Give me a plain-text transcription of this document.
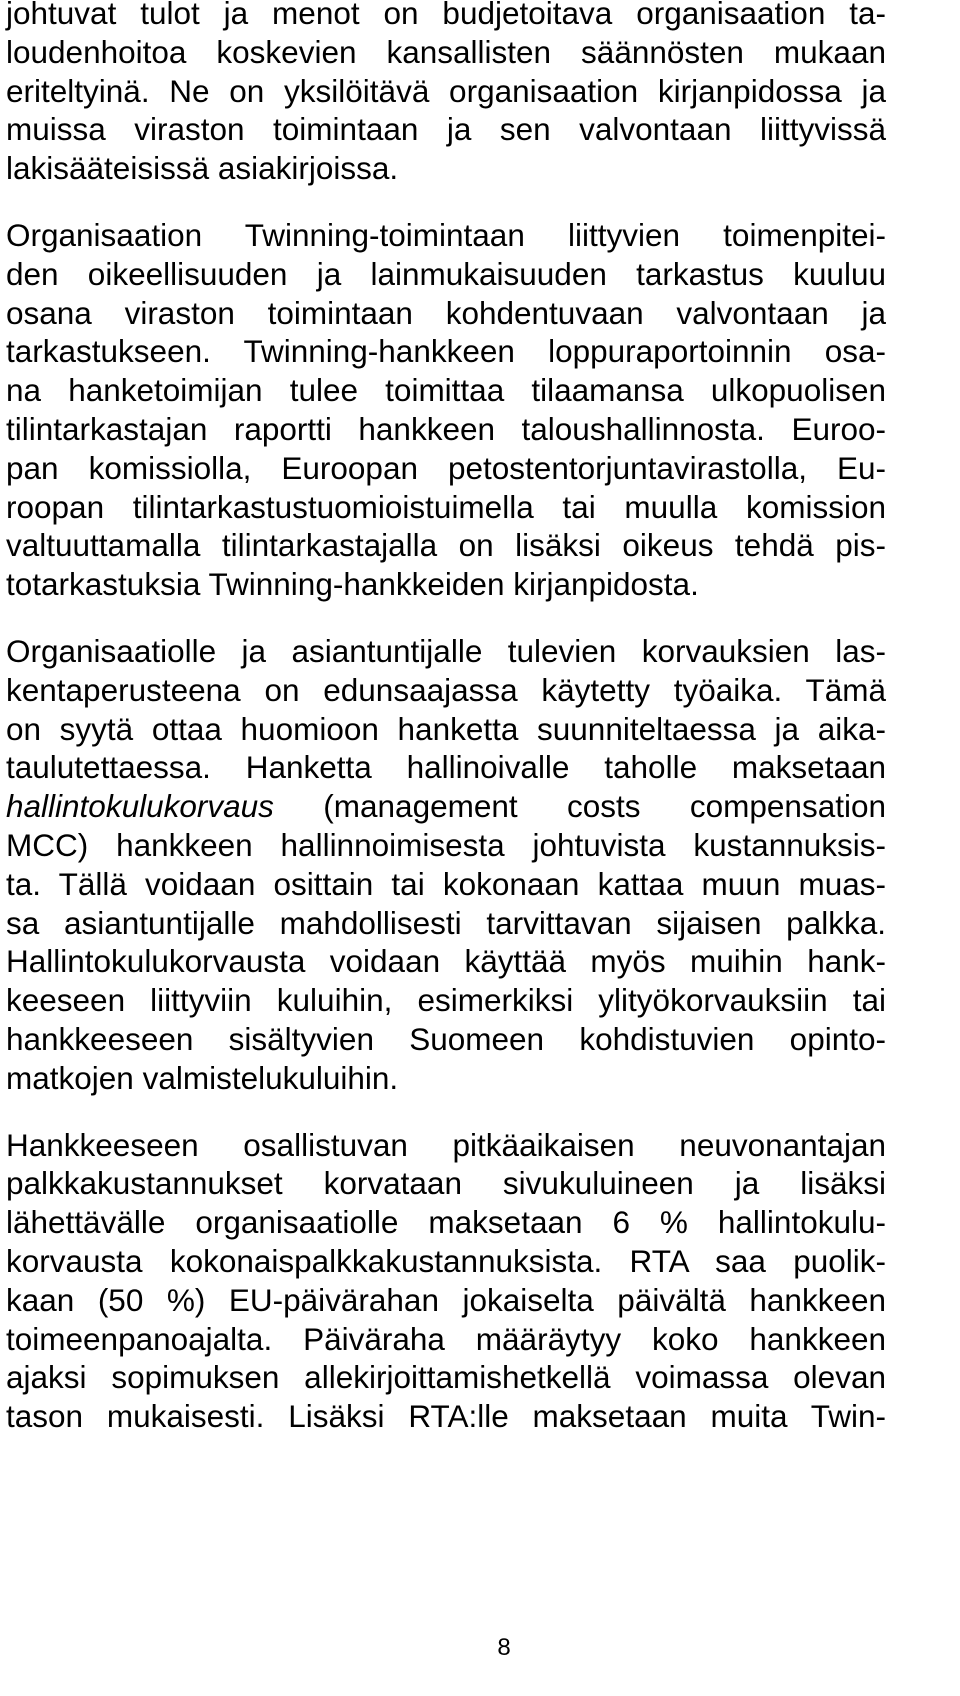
johtuvat tulot ja menot on budjetoitava organisaation ta-
loudenhoitoa koskevien kansallisten säännösten mukaan
eriteltyinä. Ne on yksilöitävä organisaation kirjanpidossa ja
muissa viraston toimintaan ja sen valvontaan liittyvissä
lakisääteisissä asiakirjoissa.
Organisaation Twinning-toimintaan liittyvien toimenpitei-
den oikeellisuuden ja lainmukaisuuden tarkastus kuuluu
osana viraston toimintaan kohdentuvaan valvontaan ja
tarkastukseen. Twinning-hankkeen loppuraportoinnin osa-
na hanketoimijan tulee toimittaa tilaamansa ulkopuolisen
tilintarkastajan raportti hankkeen taloushallinnosta. Euroo-
pan komissiolla, Euroopan petostentorjuntavirastolla, Eu-
roopan tilintarkastustuomioistuimella tai muulla komission
valtuuttamalla tilintarkastajalla on lisäksi oikeus tehdä pis-
totarkastuksia Twinning-hankkeiden kirjanpidosta.
Organisaatiolle ja asiantuntijalle tulevien korvauksien las-
kentaperusteena on edunsaajassa käytetty työaika. Tämä
on syytä ottaa huomioon hanketta suunniteltaessa ja aika-
taulutettaessa. Hanketta hallinoivalle taholle maksetaan
hallintokulukorvaus (management costs compensation
MCC) hankkeen hallinnoimisesta johtuvista kustannuksis-
ta. Tällä voidaan osittain tai kokonaan kattaa muun muas-
sa asiantuntijalle mahdollisesti tarvittavan sijaisen palkka.
Hallintokulukorvausta voidaan käyttää myös muihin hank-
keeseen liittyviin kuluihin, esimerkiksi ylityökorvauksiin tai
hankkeeseen sisältyvien Suomeen kohdistuvien opinto-
matkojen valmistelukuluihin.
Hankkeeseen osallistuvan pitkäaikaisen neuvonantajan
palkkakustannukset korvataan sivukuluineen ja lisäksi
lähettävälle organisaatiolle maksetaan 6 % hallintokulu-
korvausta kokonaispalkkakustannuksista. RTA saa puolik-
kaan (50 %) EU-päivärahan jokaiselta päivältä hankkeen
toimeenpanoajalta. Päiväraha määräytyy koko hankkeen
ajaksi sopimuksen allekirjoittamishetkellä voimassa olevan
tason mukaisesti. Lisäksi RTA:lle maksetaan muita Twin-
8
